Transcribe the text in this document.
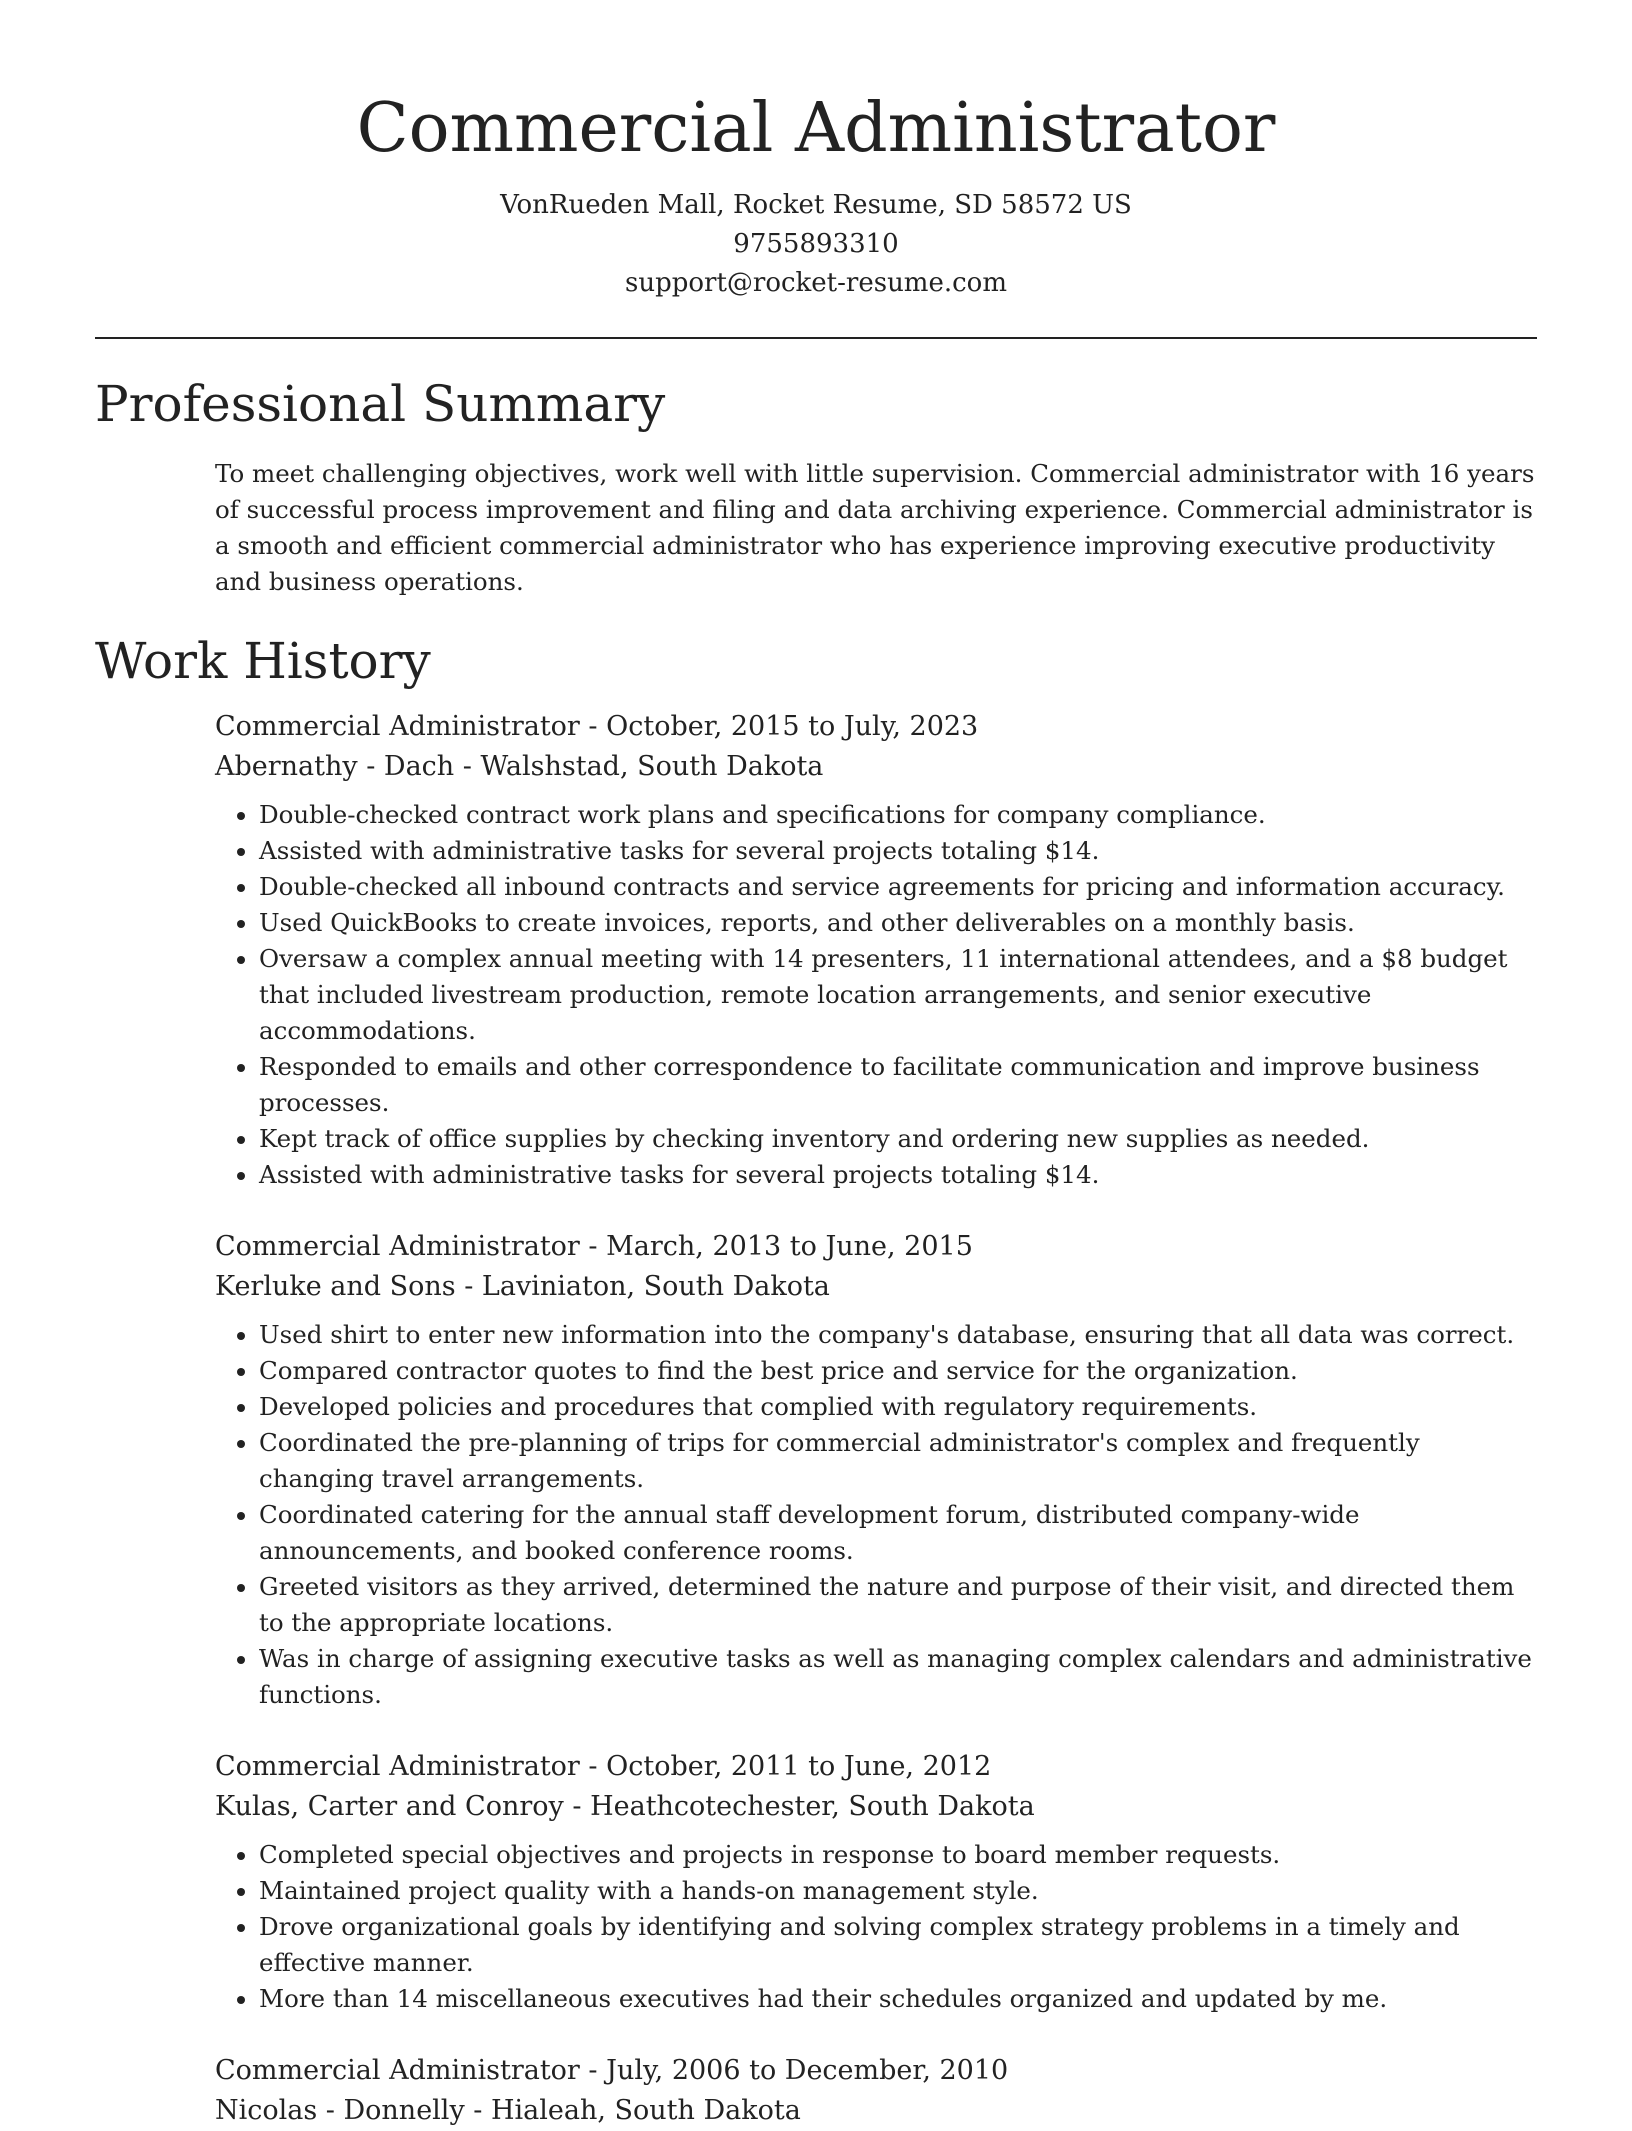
Commercial Administrator
VonRueden Mall, Rocket Resume, SD 58572 US
9755893310
support@rocket-resume.com
Professional Summary

To meet challenging objectives, work well with little supervision. Commercial administrator with 16 years of successful process improvement and filing and data archiving experience. Commercial administrator is a smooth and efficient commercial administrator who has experience improving executive productivity and business operations.

Work History
Commercial Administrator - October, 2015 to July, 2023
Abernathy - Dach - Walshstad, South Dakota
• Double-checked contract work plans and specifications for company compliance.
• Assisted with administrative tasks for several projects totaling $14.
• Double-checked all inbound contracts and service agreements for pricing and information accuracy.
• Used QuickBooks to create invoices, reports, and other deliverables on a monthly basis.
• Oversaw a complex annual meeting with 14 presenters, 11 international attendees, and a $8 budget that included livestream production, remote location arrangements, and senior executive accommodations.
• Responded to emails and other correspondence to facilitate communication and improve business processes.
• Kept track of office supplies by checking inventory and ordering new supplies as needed.
• Assisted with administrative tasks for several projects totaling $14.
Commercial Administrator - March, 2013 to June, 2015
Kerluke and Sons - Laviniaton, South Dakota
• Used shirt to enter new information into the company's database, ensuring that all data was correct.
• Compared contractor quotes to find the best price and service for the organization.
• Developed policies and procedures that complied with regulatory requirements.
• Coordinated the pre-planning of trips for commercial administrator's complex and frequently changing travel arrangements.
• Coordinated catering for the annual staff development forum, distributed company-wide announcements, and booked conference rooms.
• Greeted visitors as they arrived, determined the nature and purpose of their visit, and directed them to the appropriate locations.
• Was in charge of assigning executive tasks as well as managing complex calendars and administrative functions.
Commercial Administrator - October, 2011 to June, 2012
Kulas, Carter and Conroy - Heathcotechester, South Dakota
• Completed special objectives and projects in response to board member requests.
• Maintained project quality with a hands-on management style.
• Drove organizational goals by identifying and solving complex strategy problems in a timely and effective manner.
• More than 14 miscellaneous executives had their schedules organized and updated by me.
Commercial Administrator - July, 2006 to December, 2010
Nicolas - Donnelly - Hialeah, South Dakota
